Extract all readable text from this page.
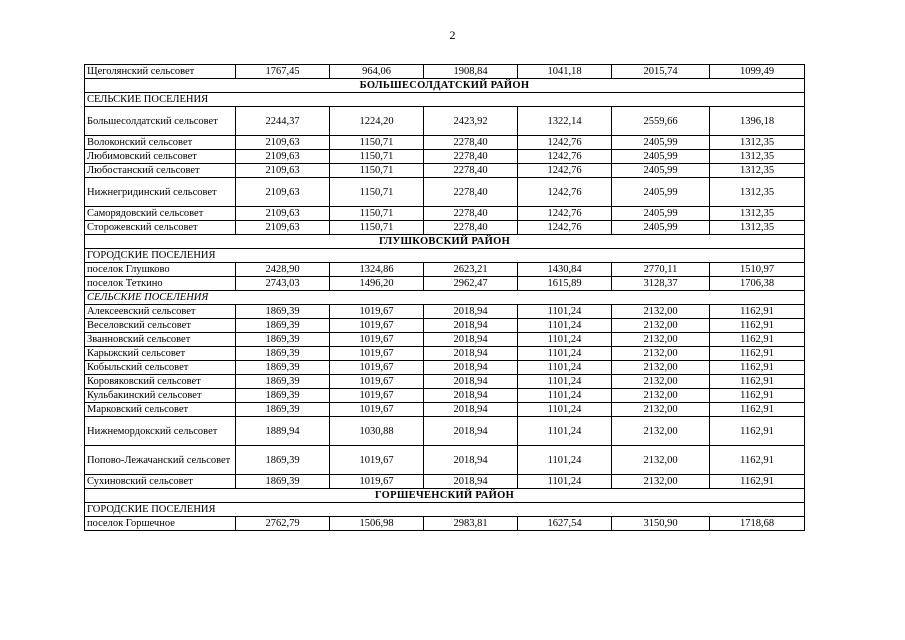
2
Щеголянский сельсовет	1767,45	964,06	1908,84	1041,18	2015,74	1099,49
БОЛЬШЕСОЛДАТСКИЙ РАЙОН						
СЕЛЬСКИЕ ПОСЕЛЕНИЯ						
Большесолдатский сельсовет	2244,37	1224,20	2423,92	1322,14	2559,66	1396,18
Волоконский сельсовет	2109,63	1150,71	2278,40	1242,76	2405,99	1312,35
Любимовский сельсовет	2109,63	1150,71	2278,40	1242,76	2405,99	1312,35
Любостанский сельсовет	2109,63	1150,71	2278,40	1242,76	2405,99	1312,35
Нижнегридинский сельсовет	2109,63	1150,71	2278,40	1242,76	2405,99	1312,35
Саморядовский сельсовет	2109,63	1150,71	2278,40	1242,76	2405,99	1312,35
Сторожевский сельсовет	2109,63	1150,71	2278,40	1242,76	2405,99	1312,35
ГЛУШКОВСКИЙ РАЙОН						
ГОРОДСКИЕ ПОСЕЛЕНИЯ						
поселок Глушково	2428,90	1324,86	2623,21	1430,84	2770,11	1510,97
поселок Теткино	2743,03	1496,20	2962,47	1615,89	3128,37	1706,38
СЕЛЬСКИЕ ПОСЕЛЕНИЯ						
Алексеевский сельсовет	1869,39	1019,67	2018,94	1101,24	2132,00	1162,91
Веселовский сельсовет	1869,39	1019,67	2018,94	1101,24	2132,00	1162,91
Званновский сельсовет	1869,39	1019,67	2018,94	1101,24	2132,00	1162,91
Карыжский сельсовет	1869,39	1019,67	2018,94	1101,24	2132,00	1162,91
Кобыльский сельсовет	1869,39	1019,67	2018,94	1101,24	2132,00	1162,91
Коровяковский сельсовет	1869,39	1019,67	2018,94	1101,24	2132,00	1162,91
Кульбакинский сельсовет	1869,39	1019,67	2018,94	1101,24	2132,00	1162,91
Марковский сельсовет	1869,39	1019,67	2018,94	1101,24	2132,00	1162,91
Нижнемордокский сельсовет	1889,94	1030,88	2018,94	1101,24	2132,00	1162,91
Попово-Лежачанский сельсовет	1869,39	1019,67	2018,94	1101,24	2132,00	1162,91
Сухиновский сельсовет	1869,39	1019,67	2018,94	1101,24	2132,00	1162,91
ГОРШЕЧЕНСКИЙ РАЙОН						
ГОРОДСКИЕ ПОСЕЛЕНИЯ						
поселок Горшечное	2762,79	1506,98	2983,81	1627,54	3150,90	1718,68
